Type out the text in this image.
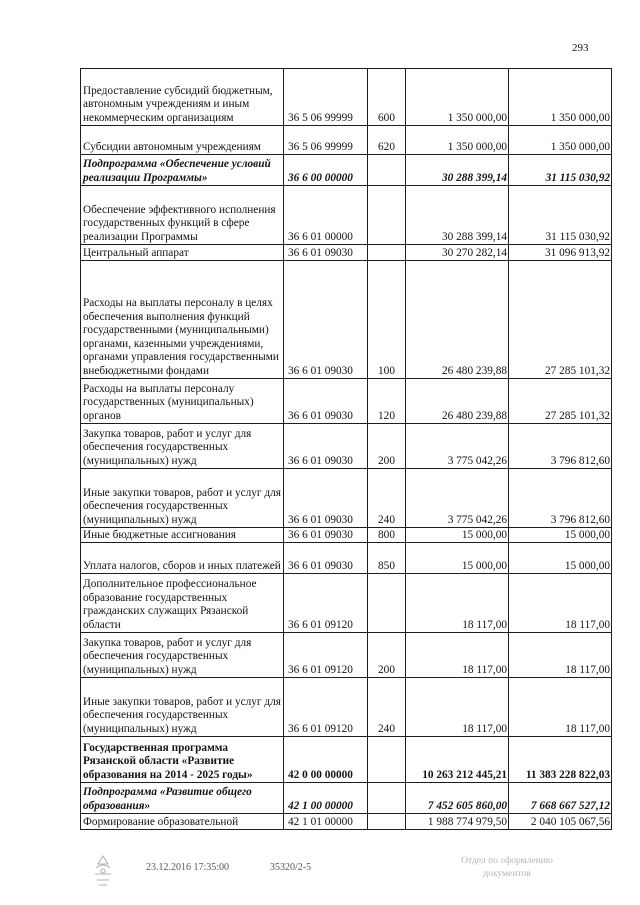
293
Предоставление субсидий бюджетным, автономным учреждениям и иным некоммерческим организациям	36 5 06 99999	600	1 350 000,00	1 350 000,00
Субсидии автономным учреждениям	36 5 06 99999	620	1 350 000,00	1 350 000,00
Подпрограмма «Обеспечение условий реализации Программы»	36 6 00 00000		30 288 399,14	31 115 030,92
Обеспечение эффективного исполнения государственных функций в сфере реализации Программы	36 6 01 00000		30 288 399,14	31 115 030,92
Центральный аппарат	36 6 01 09030		30 270 282,14	31 096 913,92
Расходы на выплаты персоналу в целях обеспечения выполнения функций государственными (муниципальными) органами, казенными учреждениями, органами управления государственными внебюджетными фондами	36 6 01 09030	100	26 480 239,88	27 285 101,32
Расходы на выплаты персоналу государственных (муниципальных) органов	36 6 01 09030	120	26 480 239,88	27 285 101,32
Закупка товаров, работ и услуг для обеспечения государственных (муниципальных) нужд	36 6 01 09030	200	3 775 042,26	3 796 812,60
Иные закупки товаров, работ и услуг для обеспечения государственных (муниципальных) нужд	36 6 01 09030	240	3 775 042,26	3 796 812,60
Иные бюджетные ассигнования	36 6 01 09030	800	15 000,00	15 000,00
Уплата налогов, сборов и иных платежей	36 6 01 09030	850	15 000,00	15 000,00
Дополнительное профессиональное образование государственных гражданских служащих Рязанской области	36 6 01 09120		18 117,00	18 117,00
Закупка товаров, работ и услуг для обеспечения государственных (муниципальных) нужд	36 6 01 09120	200	18 117,00	18 117,00
Иные закупки товаров, работ и услуг для обеспечения государственных (муниципальных) нужд	36 6 01 09120	240	18 117,00	18 117,00
Государственная программа Рязанской области «Развитие образования на 2014 - 2025 годы»	42 0 00 00000		10 263 212 445,21	11 383 228 822,03
Подпрограмма «Развитие общего образования»	42 1 00 00000		7 452 605 860,00	7 668 667 527,12
Формирование образовательной	42 1 01 00000		1 988 774 979,50	2 040 105 067,56
23.12.2016 17:35:00	35320/2-5
Отдел по оформлению документов
